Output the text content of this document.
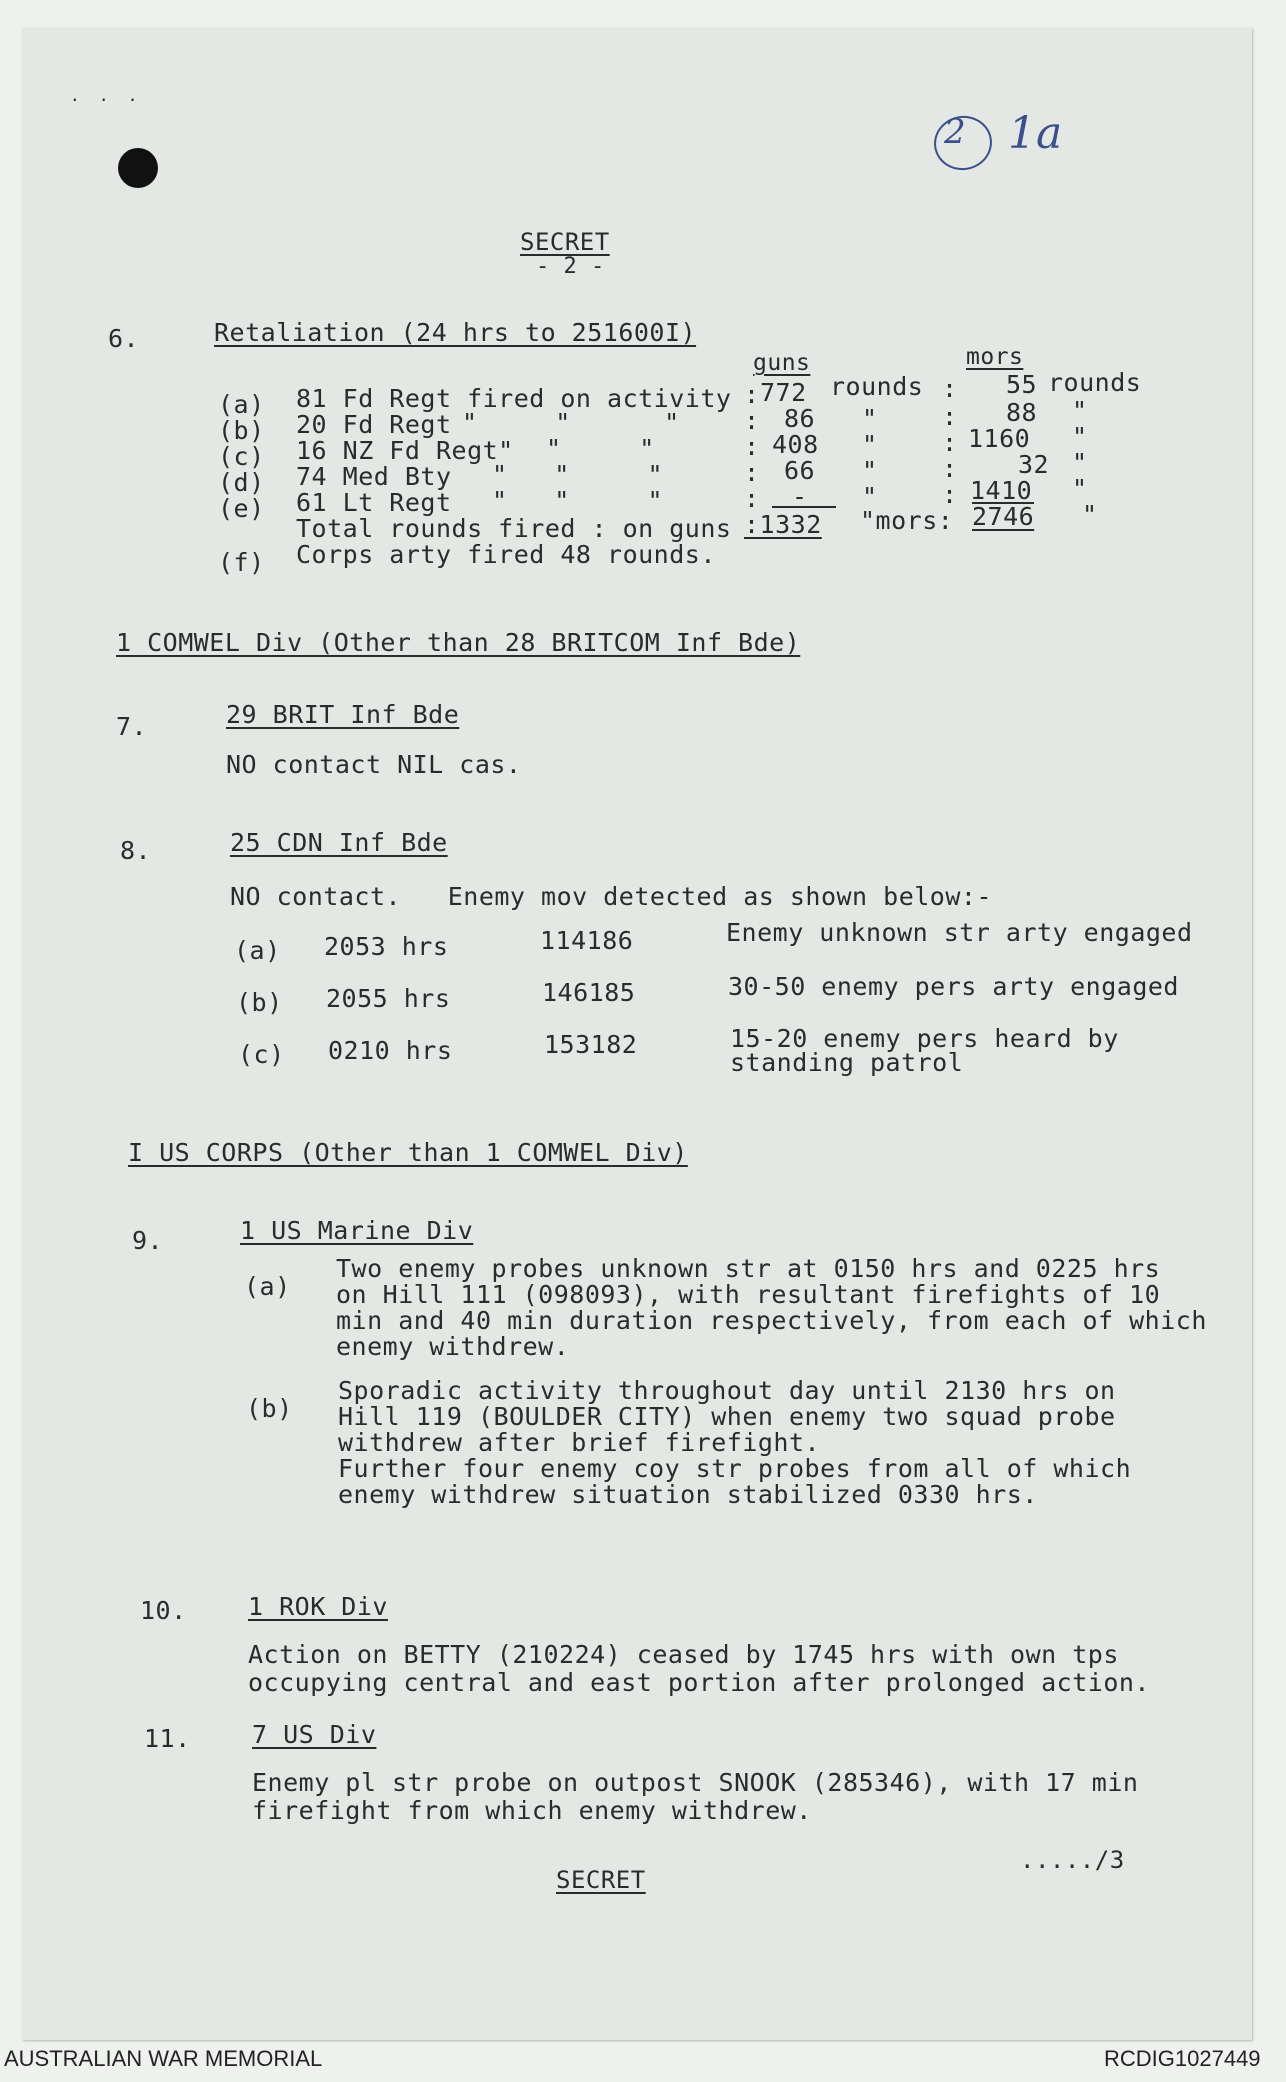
.  .  .
2 1a
SECRET
- 2 -
6.	Retaliation (24 hrs to 251600I)
guns	mors
(a) 81 Fd Regt fired on activity : 772 rounds : 55 rounds
(b) 20 Fd Regt "     "      "	: 86 "	: 88 "
(c) 16 NZ Fd Regt" "     "	: 408 "	: 1160 "
(d) 74 Med Bty "   "     "	: 66 "	: 32 "
(e) 61 Lt Regt "   "     "	: - "	: 1410 "
Total rounds fired : on guns :1332 "mors: 2746 "
(f) Corps arty fired 48 rounds.
1 COMWEL Div (Other than 28 BRITCOM Inf Bde)
7.	29 BRIT Inf Bde
NO contact NIL cas.
8.	25 CDN Inf Bde
NO contact.   Enemy mov detected as shown below:-
(a) 2053 hrs	114186	Enemy unknown str arty engaged
(b) 2055 hrs	146185	30-50 enemy pers arty engaged
(c) 0210 hrs	153182	15-20 enemy pers heard by
standing patrol
I US CORPS (Other than 1 COMWEL Div)
9.	1 US Marine Div
(a)
Two enemy probes unknown str at 0150 hrs and 0225 hrs
on Hill 111 (098093), with resultant firefights of 10
min and 40 min duration respectively, from each of which
enemy withdrew.
(b)
Sporadic activity throughout day until 2130 hrs on
Hill 119 (BOULDER CITY) when enemy two squad probe
withdrew after brief firefight.
Further four enemy coy str probes from all of which
enemy withdrew situation stabilized 0330 hrs.
10. 1 ROK Div
Action on BETTY (210224) ceased by 1745 hrs with own tps
occupying central and east portion after prolonged action.
11. 7 US Div
Enemy pl str probe on outpost SNOOK (285346), with 17 min
firefight from which enemy withdrew.
SECRET
...../3
AUSTRALIAN WAR MEMORIAL	RCDIG1027449
